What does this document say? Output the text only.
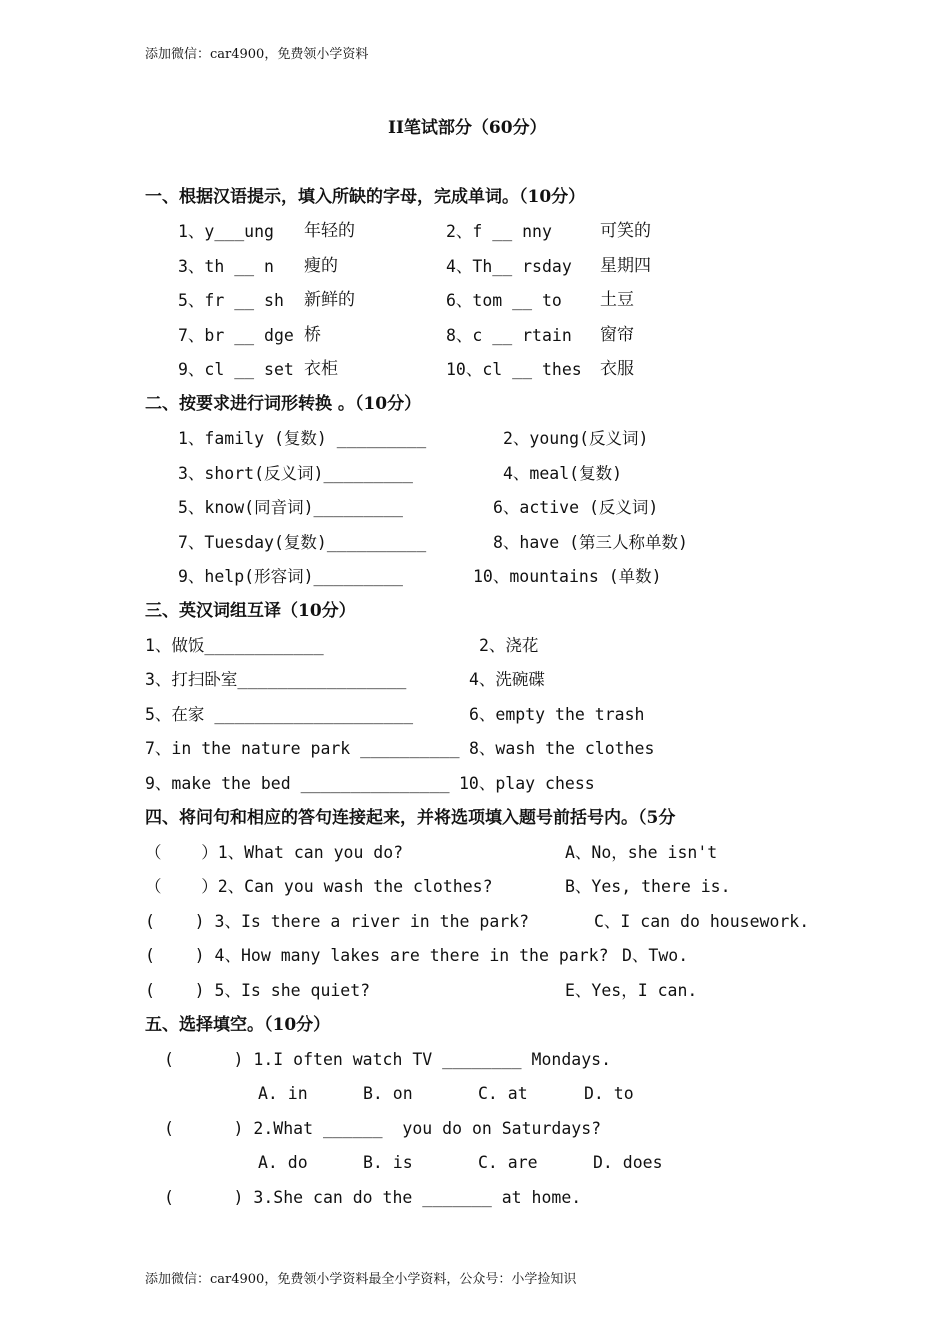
添加微信：car4900，免费领小学资料
II笔试部分（60分）
一、根据汉语提示，填入所缺的字母，完成单词。（10分）
1、y___ung 年轻的	2、f __ nny	可笑的
3、th __ n 瘦的	4、Th__ rsday 星期四
5、fr __ sh 新鲜的	6、tom __ to 土豆
7、br __ dge 桥	8、c __ rtain 窗帘
9、cl __ set 衣柜	10、cl __ thes 衣服
二、按要求进行词形转换 。（10分）
1、family (复数) _________	2、young(反义词)
3、short(反义词)_________	4、meal(复数)
5、know(同音词)_________	6、active (反义词)
7、Tuesday(复数)__________	8、have (第三人称单数)
9、help(形容词)_________	10、mountains (单数)
三、英汉词组互译（10分）
1、做饭____________	2、浇花
3、打扫卧室_________________	4、洗碗碟
5、在家 ____________________	6、empty the trash
7、in the nature park __________ 8、wash the clothes
9、make the bed _______________ 10、play chess
四、将问句和相应的答句连接起来，并将选项填入题号前括号内。（5分
（    ）1、What can you do?	A、No，she isn't
（    ）2、Can you wash the clothes?	B、Yes, there is.
(    ) 3、Is there a river in the park?	C、I can do housework.
(    ) 4、How many lakes are there in the park? D、Two.
(    ) 5、Is she quiet?	E、Yes，I can.
五、选择填空。（10分）
(      ) 1.I often watch TV ________ Mondays.
A. in	B. on	C. at	D. to
(      ) 2.What ______  you do on Saturdays?
A. do	B. is	C. are	D. does
(      ) 3.She can do the _______ at home.
添加微信：car4900，免费领小学资料最全小学资料，公众号：小学捡知识
